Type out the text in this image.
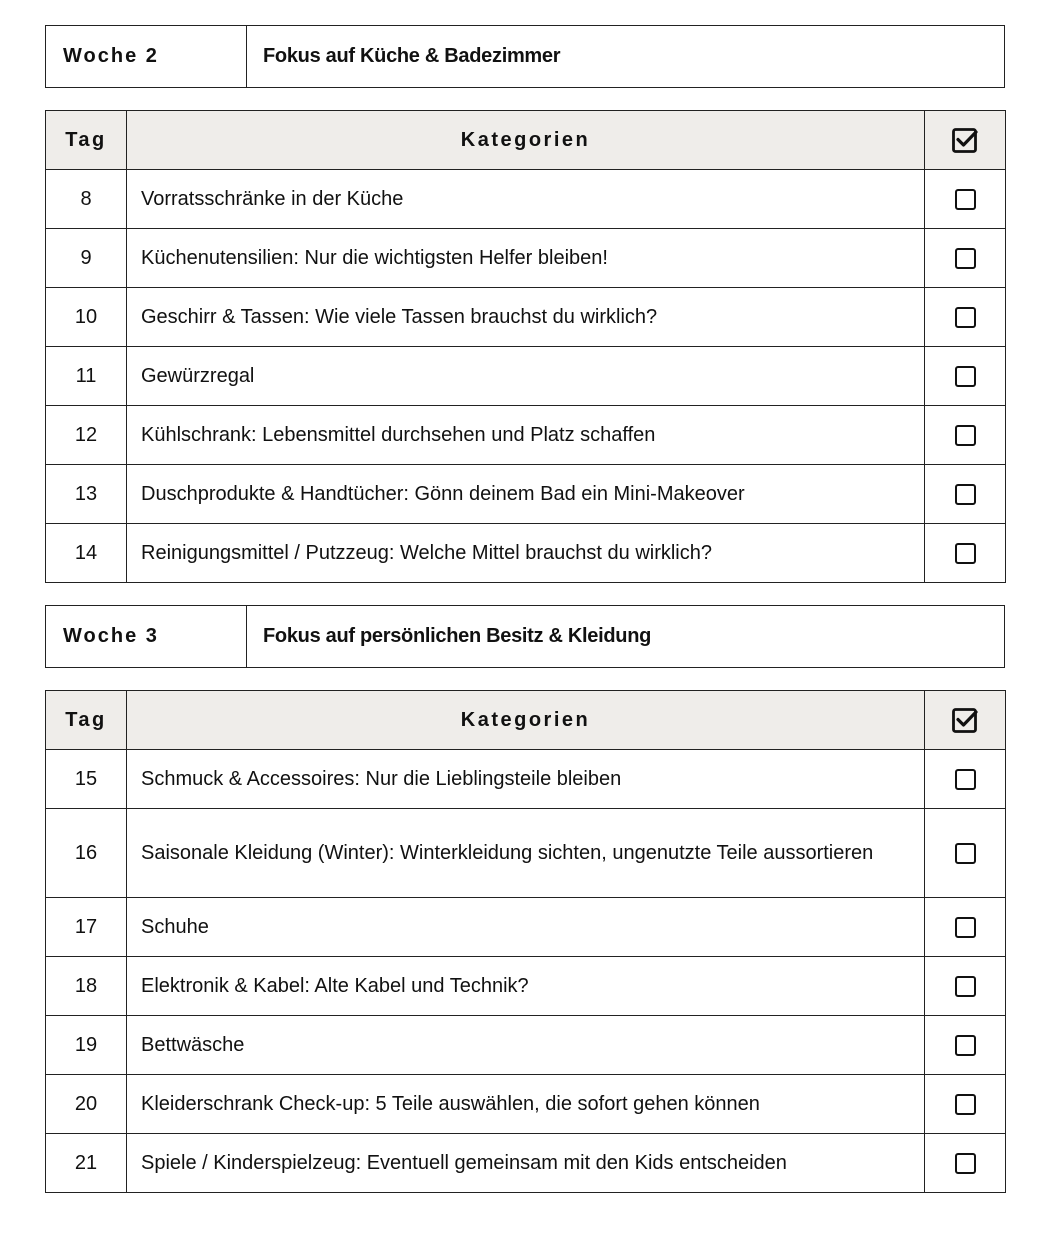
Woche 2	Fokus auf Küche & Badezimmer
Tag	Kategorien	
8	Vorratsschränke in der Küche	
9	Küchenutensilien: Nur die wichtigsten Helfer bleiben!	
10	Geschirr & Tassen: Wie viele Tassen brauchst du wirklich?	
11	Gewürzregal	
12	Kühlschrank: Lebensmittel durchsehen und Platz schaffen	
13	Duschprodukte & Handtücher: Gönn deinem Bad ein Mini-Makeover	
14	Reinigungsmittel / Putzzeug: Welche Mittel brauchst du wirklich?	
Woche 3	Fokus auf persönlichen Besitz & Kleidung
Tag	Kategorien	
15	Schmuck & Accessoires: Nur die Lieblingsteile bleiben	
16	Saisonale Kleidung (Winter): Winterkleidung sichten, ungenutzte Teile aussortieren	
17	Schuhe	
18	Elektronik & Kabel: Alte Kabel und Technik?	
19	Bettwäsche	
20	Kleiderschrank Check-up: 5 Teile auswählen, die sofort gehen können	
21	Spiele / Kinderspielzeug: Eventuell gemeinsam mit den Kids entscheiden	
